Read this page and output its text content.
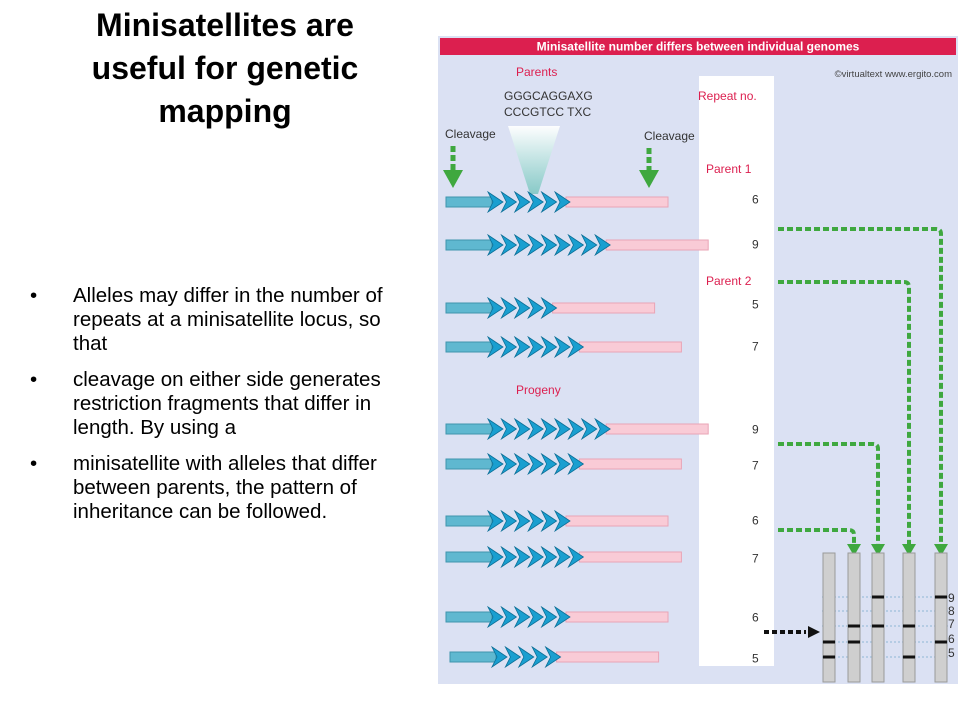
Minisatellites are
useful for genetic
mapping
• Alleles may differ in the number of repeats at a minisatellite locus, so that
• cleavage on either side generates restriction fragments that differ in length. By using a
• minisatellite with alleles that differ between parents, the pattern of inheritance can be followed.
Minisatellite number differs between individual genomes
©virtualtext www.ergito.com
Parents
GGGCAGGAXG
CCCGTCC TXC
Cleavage	Cleavage
Repeat no.
Parent 1
Parent 2
Progeny
6
9
5
7
9
7
6
7
6
5
9
8
7
6
5
